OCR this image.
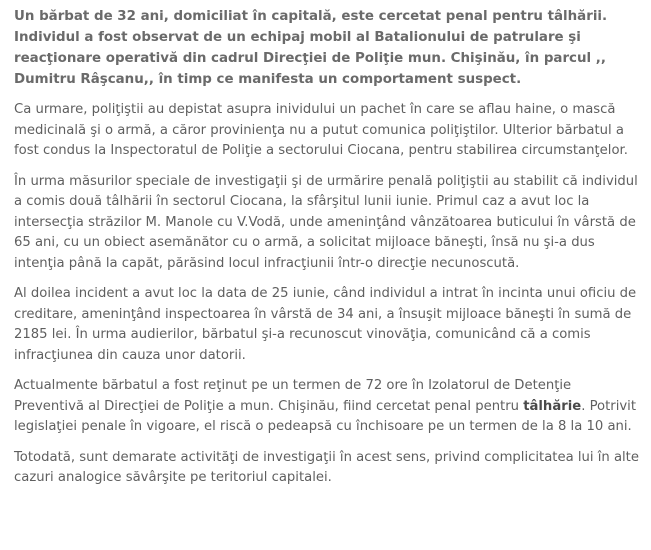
Un bărbat de 32 ani, domiciliat în capitală, este cercetat penal pentru tâlhării. Individul a fost observat de un echipaj mobil al Batalionului de patrulare şi reacţionare operativă din cadrul Direcţiei de Poliţie mun. Chişinău, în parcul ,, Dumitru Râşcanu,, în timp ce manifesta un comportament suspect.

Ca urmare, poliţiştii au depistat asupra inividului un pachet în care se aflau haine, o mască medicinală şi o armă, a căror provinienţa nu a putut comunica poliţiştilor. Ulterior bărbatul a fost condus la Inspectoratul de Poliţie a sectorului Ciocana, pentru stabilirea circumstanţelor.

În urma măsurilor speciale de investigaţii şi de urmărire penală poliţiştii au stabilit că individul a comis două tâlhării în sectorul Ciocana, la sfârşitul lunii iunie. Primul caz a avut loc la intersecţia străzilor M. Manole cu V.Vodă, unde ameninţând vânzătoarea buticului în vârstă de 65 ani, cu un obiect asemănător cu o armă, a solicitat mijloace băneşti, însă nu şi-a dus intenţia până la capăt, părăsind locul infracţiunii într-o direcţie necunoscută.

Al doilea incident a avut loc la data de 25 iunie, când individul a intrat în incinta unui oficiu de creditare, ameninţând inspectoarea în vârstă de 34 ani, a însuşit mijloace băneşti în sumă de 2185 lei. În urma audierilor, bărbatul şi-a recunoscut vinovăţia, comunicând că a comis infracţiunea din cauza unor datorii.

Actualmente bărbatul a fost reţinut pe un termen de 72 ore în Izolatorul de Detenţie Preventivă al Direcţiei de Poliţie a mun. Chişinău, fiind cercetat penal pentru tâlhărie. Potrivit legislaţiei penale în vigoare, el riscă o pedeapsă cu închisoare pe un termen de la 8 la 10 ani.

Totodată, sunt demarate activităţi de investigaţii în acest sens, privind complicitatea lui în alte cazuri analogice săvârşite pe teritoriul capitalei.
